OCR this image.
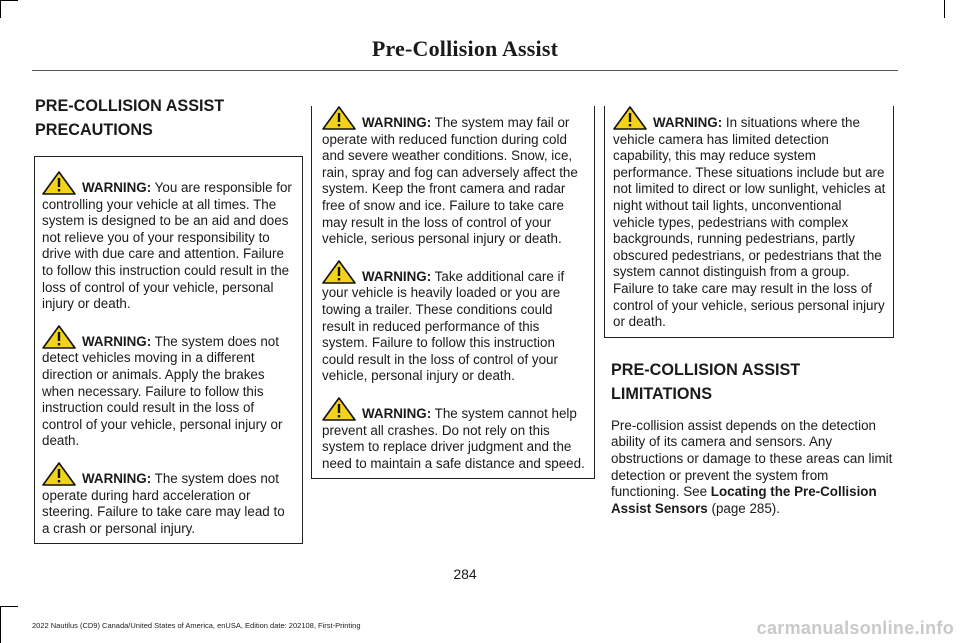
Pre-Collision Assist
PRE-COLLISION ASSIST
PRECAUTIONS

WARNING: You are responsible for controlling your vehicle at all times. The system is designed to be an aid and does not relieve you of your responsibility to drive with due care and attention. Failure to follow this instruction could result in the loss of control of your vehicle, personal injury or death.

WARNING: The system does not detect vehicles moving in a different direction or animals. Apply the brakes when necessary. Failure to follow this instruction could result in the loss of control of your vehicle, personal injury or death.

WARNING: The system does not operate during hard acceleration or steering. Failure to take care may lead to a crash or personal injury.

WARNING: The system may fail or operate with reduced function during cold and severe weather conditions. Snow, ice, rain, spray and fog can adversely affect the system. Keep the front camera and radar free of snow and ice. Failure to take care may result in the loss of control of your vehicle, serious personal injury or death.

WARNING: Take additional care if your vehicle is heavily loaded or you are towing a trailer. These conditions could result in reduced performance of this system. Failure to follow this instruction could result in the loss of control of your vehicle, personal injury or death.

WARNING: The system cannot help prevent all crashes. Do not rely on this system to replace driver judgment and the need to maintain a safe distance and speed.

WARNING: In situations where the vehicle camera has limited detection capability, this may reduce system performance. These situations include but are not limited to direct or low sunlight, vehicles at night without tail lights, unconventional vehicle types, pedestrians with complex backgrounds, running pedestrians, partly obscured pedestrians, or pedestrians that the system cannot distinguish from a group. Failure to take care may result in the loss of control of your vehicle, serious personal injury or death.

PRE-COLLISION ASSIST
LIMITATIONS

Pre-collision assist depends on the detection ability of its camera and sensors. Any obstructions or damage to these areas can limit detection or prevent the system from functioning. See Locating the Pre-Collision Assist Sensors (page 285).

284
2022 Nautilus (CD9) Canada/United States of America, enUSA, Edition date: 202108, First-Printing	carmanualsonline.info
